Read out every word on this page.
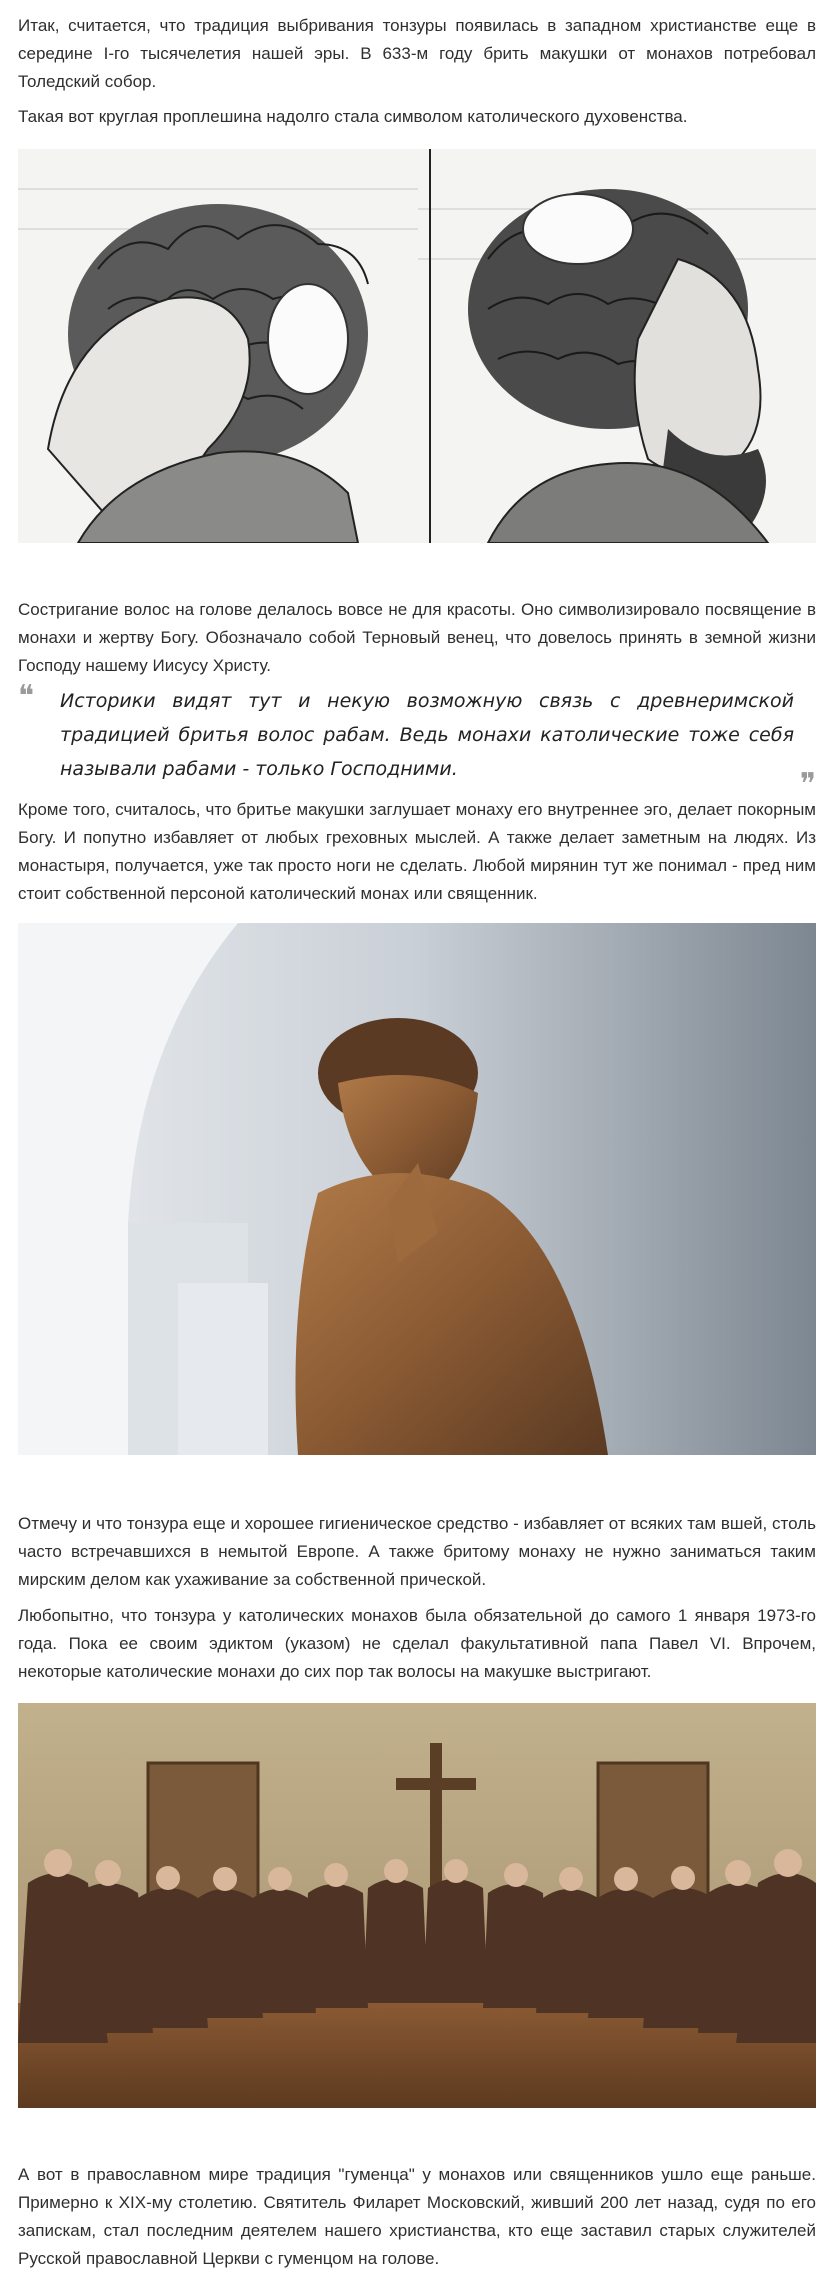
Итак, считается, что традиция выбривания тонзуры появилась в западном христианстве еще в середине I-го тысячелетия нашей эры. В 633-м году брить макушки от монахов потребовал Толедский собор.

Такая вот круглая проплешина надолго стала символом католического духовенства.

Состригание волос на голове делалось вовсе не для красоты. Оно символизировало посвящение в монахи и жертву Богу. Обозначало собой Терновый венец, что довелось принять в земной жизни Господу нашему Иисусу Христу.

❝ Историки видят тут и некую возможную связь с древнеримской традицией бритья волос рабам. Ведь монахи католические тоже себя называли рабами - только Господними.	❞

Кроме того, считалось, что бритье макушки заглушает монаху его внутреннее эго, делает покорным Богу. И попутно избавляет от любых греховных мыслей. А также делает заметным на людях. Из монастыря, получается, уже так просто ноги не сделать. Любой мирянин тут же понимал - пред ним стоит собственной персоной католический монах или священник.

Отмечу и что тонзура еще и хорошее гигиеническое средство - избавляет от всяких там вшей, столь часто встречавшихся в немытой Европе. А также бритому монаху не нужно заниматься таким мирским делом как ухаживание за собственной прической.

Любопытно, что тонзура у католических монахов была обязательной до самого 1 января 1973-го года. Пока ее своим эдиктом (указом) не сделал факультативной папа Павел VI. Впрочем, некоторые католические монахи до сих пор так волосы на макушке выстригают.

А вот в православном мире традиция "гуменца" у монахов или священников ушло еще раньше. Примерно к XIX-му столетию. Святитель Филарет Московский, живший 200 лет назад, судя по его запискам, стал последним деятелем нашего христианства, кто еще заставил старых служителей Русской православной Церкви с гуменцом на голове.
